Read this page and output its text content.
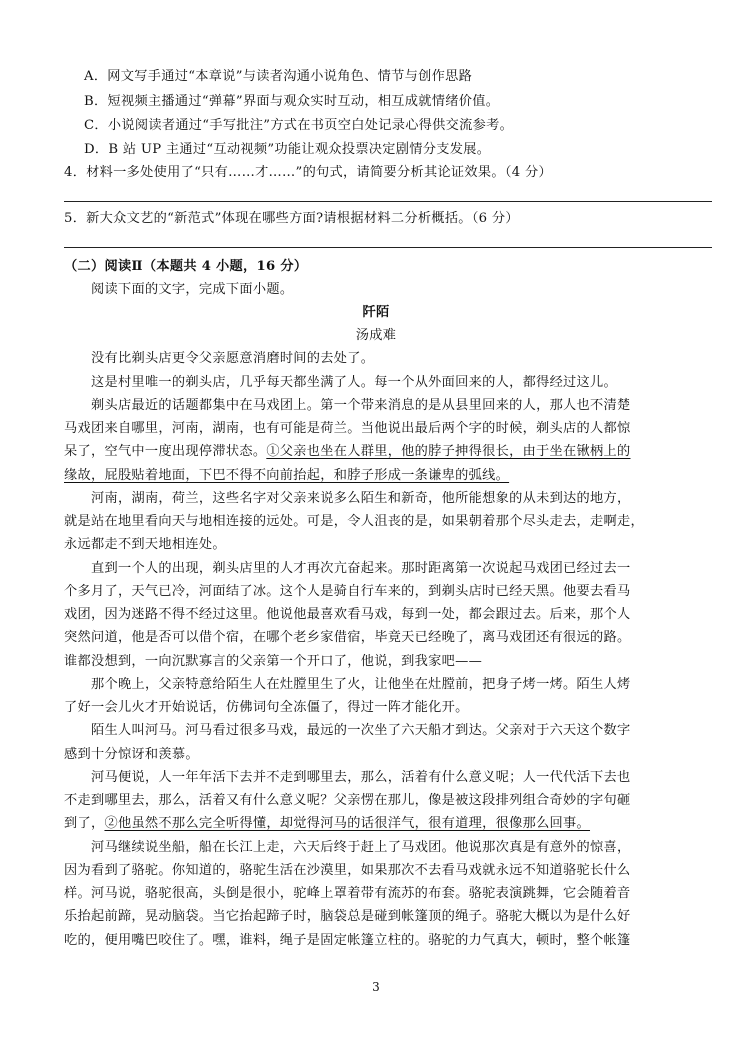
A．网文写手通过“本章说”与读者沟通小说角色、情节与创作思路
B．短视频主播通过“弹幕”界面与观众实时互动，相互成就情绪价值。
C．小说阅读者通过“手写批注”方式在书页空白处记录心得供交流参考。
D．B 站 UP 主通过“互动视频”功能让观众投票决定剧情分支发展。
4．材料一多处使用了“只有……才……”的句式，请简要分析其论证效果。（4 分）
5．新大众文艺的“新范式”体现在哪些方面?请根据材料二分析概括。（6 分）
（二）阅读Ⅱ（本题共 4 小题，16 分）
阅读下面的文字，完成下面小题。
阡陌
汤成难
没有比剃头店更令父亲愿意消磨时间的去处了。
这是村里唯一的剃头店，几乎每天都坐满了人。每一个从外面回来的人，都得经过这儿。
剃头店最近的话题都集中在马戏团上。第一个带来消息的是从县里回来的人，那人也不清楚
马戏团来自哪里，河南，湖南，也有可能是荷兰。当他说出最后两个字的时候，剃头店的人都惊
呆了，空气中一度出现停滞状态。①父亲也坐在人群里，他的脖子抻得很长，由于坐在锹柄上的
缘故，屁股贴着地面，下巴不得不向前抬起，和脖子形成一条谦卑的弧线。
河南，湖南，荷兰，这些名字对父亲来说多么陌生和新奇，他所能想象的从未到达的地方，
就是站在地里看向天与地相连接的远处。可是，令人沮丧的是，如果朝着那个尽头走去，走啊走，
永远都走不到天地相连处。
直到一个人的出现，剃头店里的人才再次亢奋起来。那时距离第一次说起马戏团已经过去一
个多月了，天气已冷，河面结了冰。这个人是骑自行车来的，到剃头店时已经天黑。他要去看马
戏团，因为迷路不得不经过这里。他说他最喜欢看马戏，每到一处，都会跟过去。后来，那个人
突然问道，他是否可以借个宿，在哪个老乡家借宿，毕竟天已经晚了，离马戏团还有很远的路。
谁都没想到，一向沉默寡言的父亲第一个开口了，他说，到我家吧——
那个晚上，父亲特意给陌生人在灶膛里生了火，让他坐在灶膛前，把身子烤一烤。陌生人烤
了好一会儿火才开始说话，仿佛词句全冻僵了，得过一阵才能化开。
陌生人叫河马。河马看过很多马戏，最远的一次坐了六天船才到达。父亲对于六天这个数字
感到十分惊讶和羡慕。
河马便说，人一年年活下去并不走到哪里去，那么，活着有什么意义呢；人一代代活下去也
不走到哪里去，那么，活着又有什么意义呢？父亲愣在那儿，像是被这段排列组合奇妙的字句砸
到了，②他虽然不那么完全听得懂，却觉得河马的话很洋气，很有道理，很像那么回事。
河马继续说坐船，船在长江上走，六天后终于赶上了马戏团。他说那次真是有意外的惊喜，
因为看到了骆驼。你知道的，骆驼生活在沙漠里，如果那次不去看马戏就永远不知道骆驼长什么
样。河马说，骆驼很高，头倒是很小，驼峰上罩着带有流苏的布套。骆驼表演跳舞，它会随着音
乐抬起前蹄，晃动脑袋。当它抬起蹄子时，脑袋总是碰到帐篷顶的绳子。骆驼大概以为是什么好
吃的，便用嘴巴咬住了。嘿，谁料，绳子是固定帐篷立柱的。骆驼的力气真大，顿时，整个帐篷
3
